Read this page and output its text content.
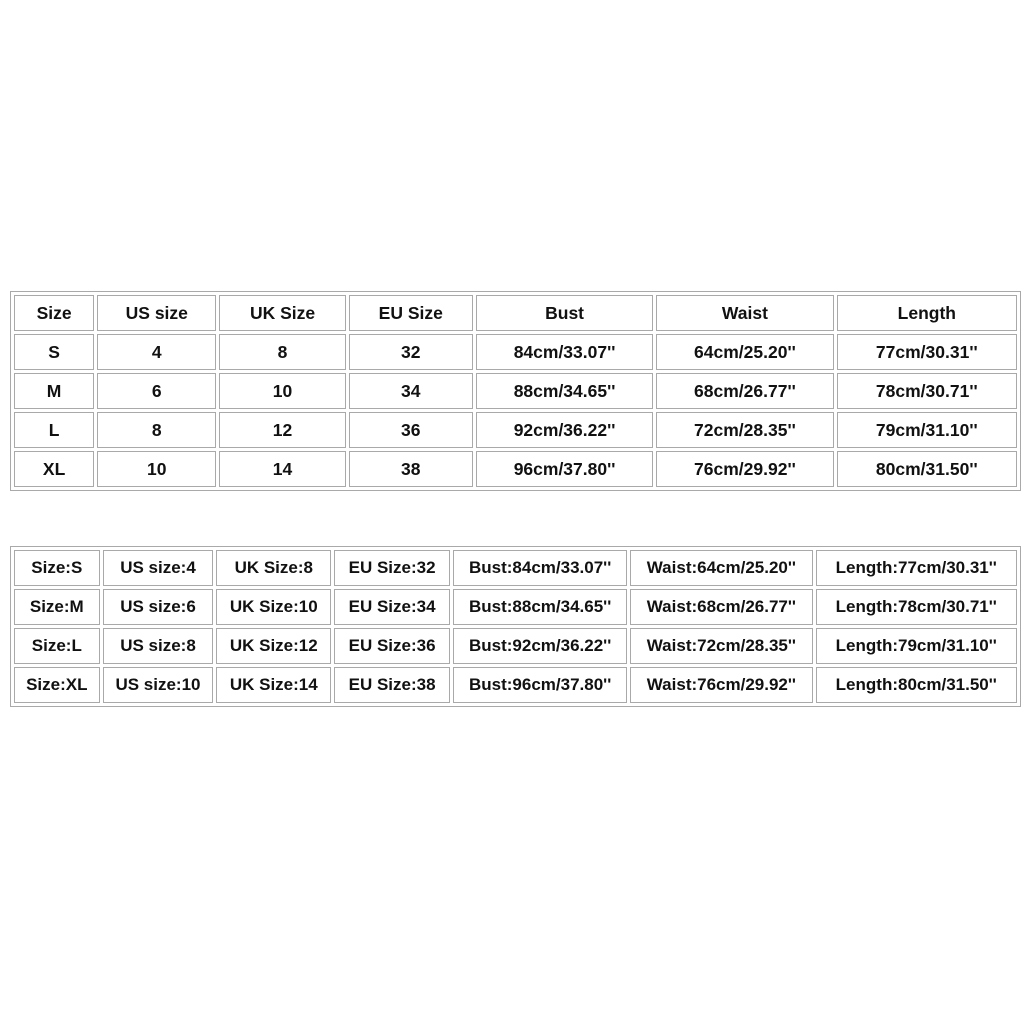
Size	US size	UK Size	EU Size	Bust	Waist	Length
S	4	8	32	84cm/33.07''	64cm/25.20''	77cm/30.31''
M	6	10	34	88cm/34.65''	68cm/26.77''	78cm/30.71''
L	8	12	36	92cm/36.22''	72cm/28.35''	79cm/31.10''
XL	10	14	38	96cm/37.80''	76cm/29.92''	80cm/31.50''
Size:S	US size:4	UK Size:8	EU Size:32	Bust:84cm/33.07''	Waist:64cm/25.20''	Length:77cm/30.31''
Size:M	US size:6	UK Size:10	EU Size:34	Bust:88cm/34.65''	Waist:68cm/26.77''	Length:78cm/30.71''
Size:L	US size:8	UK Size:12	EU Size:36	Bust:92cm/36.22''	Waist:72cm/28.35''	Length:79cm/31.10''
Size:XL	US size:10	UK Size:14	EU Size:38	Bust:96cm/37.80''	Waist:76cm/29.92''	Length:80cm/31.50''
